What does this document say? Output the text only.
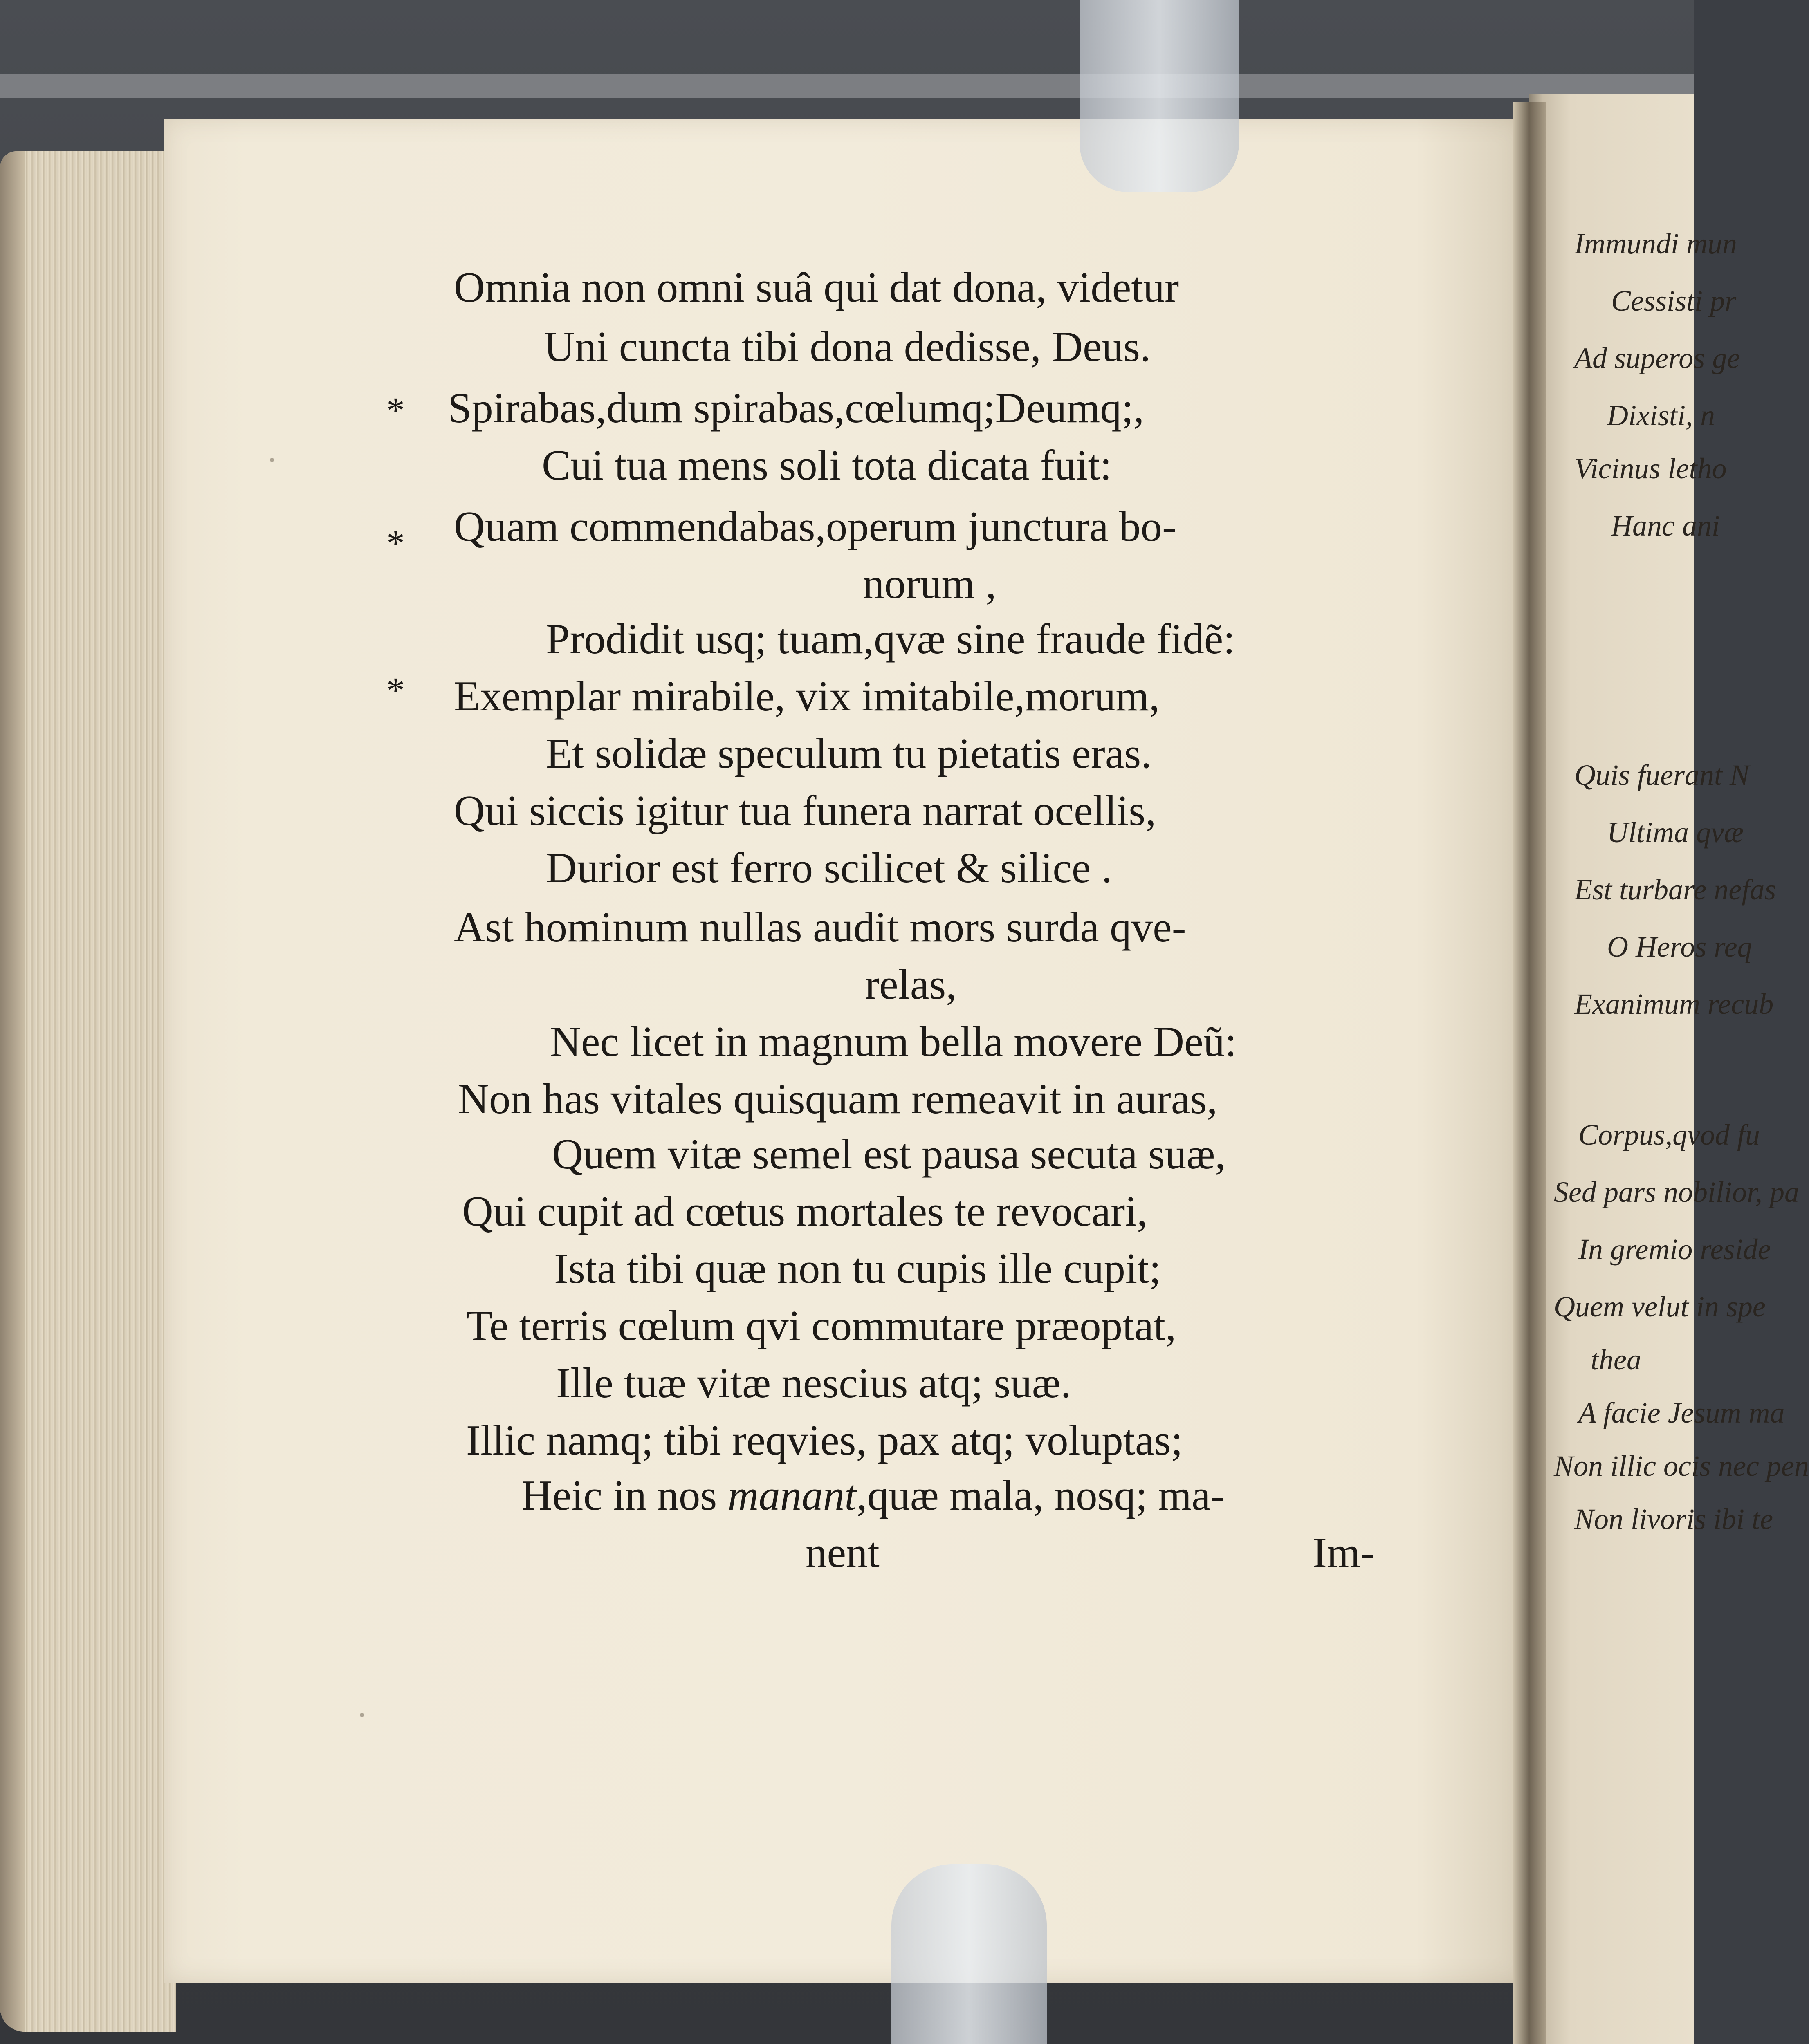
Immundi mun
Cessisti pr
Ad superos ge
Dixisti, n
Vicinus letho
Hanc ani
Quis fuerant N
Ultima qvæ
Est turbare nefas
O Heros req
Exanimum recub
Corpus,qvod fu
Sed pars nobilior, pa
In gremio reside
Quem velut in spe
thea
A facie Jesum ma
Non illic ocis nec pen
Non livoris ibi te
*
*
*
Omnia non omni suâ qui dat dona, videtur
Uni cuncta tibi dona dedisse, Deus.
Spirabas,dum spirabas,cœlumq;Deumq;,
Cui tua mens soli tota dicata fuit:
Quam commendabas,operum junctura bo-
norum ,
Prodidit usq; tuam,qvæ sine fraude fidẽ:
Exemplar mirabile, vix imitabile,morum,
Et solidæ speculum tu pietatis eras.
Qui siccis igitur tua funera narrat ocellis,
Durior est ferro scilicet & silice .
Ast hominum nullas audit mors surda qve-
relas,
Nec licet in magnum bella movere Deũ:
Non has vitales quisquam remeavit in auras,
Quem vitæ semel est pausa secuta suæ,
Qui cupit ad cœtus mortales te revocari,
Ista tibi quæ non tu cupis ille cupit;
Te terris cœlum qvi commutare præoptat,
Ille tuæ vitæ nescius atq; suæ.
Illic namq; tibi reqvies, pax atq; voluptas;
Heic in nos manant,quæ mala, nosq; ma-
nent	Im-
